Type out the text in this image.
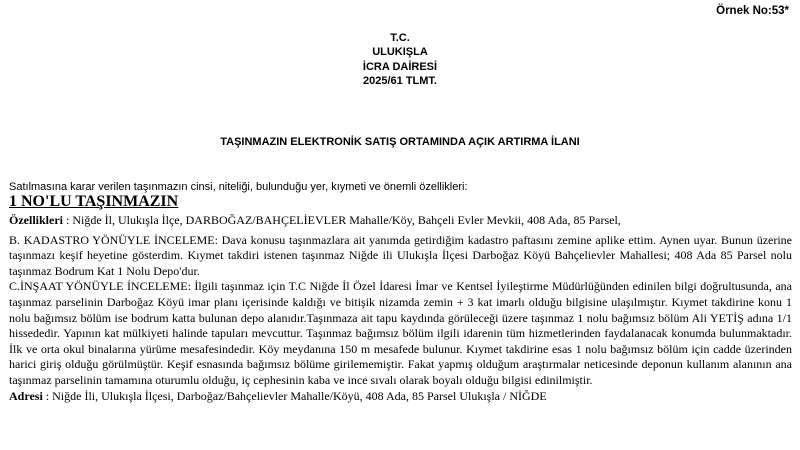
Örnek No:53*
T.C.
ULUKIŞLA
İCRA DAİRESİ
2025/61 TLMT.
TAŞINMAZIN ELEKTRONİK SATIŞ ORTAMINDA AÇIK ARTIRMA İLANI
Satılmasına karar verilen taşınmazın cinsi, niteliği, bulunduğu yer, kıymeti ve önemli özellikleri:
1 NO'LU TAŞINMAZIN

Özellikleri : Niğde İl, Ulukışla İlçe, DARBOĞAZ/BAHÇELİEVLER Mahalle/Köy, Bahçeli Evler Mevkii, 408 Ada, 85 Parsel,

B. KADASTRO YÖNÜYLE İNCELEME: Dava konusu taşınmazlara ait yanımda getirdiğim kadastro paftasını zemine aplike ettim. Aynen uyar. Bunun üzerine taşınmazı keşif heyetine gösterdim. Kıymet takdiri istenen taşınmaz Niğde ili Ulukışla İlçesi Darboğaz Köyü Bahçelievler Mahallesi; 408 Ada 85 Parsel nolu taşınmaz Bodrum Kat 1 Nolu Depo'dur.

C.İNŞAAT YÖNÜYLE İNCELEME: İlgili taşınmaz için T.C Niğde İl Özel İdaresi İmar ve Kentsel İyileştirme Müdürlüğünden edinilen bilgi doğrultusunda, ana taşınmaz parselinin Darboğaz Köyü imar planı içerisinde kaldığı ve bitişik nizamda zemin + 3 kat imarlı olduğu bilgisine ulaşılmıştır. Kıymet takdirine konu 1 nolu bağımsız bölüm ise bodrum katta bulunan depo alanıdır.Taşınmaza ait tapu kaydında görüleceği üzere taşınmaz 1 nolu bağımsız bölüm Ali YETİŞ adına 1/1 hissededir. Yapının kat mülkiyeti halinde tapuları mevcuttur. Taşınmaz bağımsız bölüm ilgili idarenin tüm hizmetlerinden faydalanacak konumda bulunmaktadır. İlk ve orta okul binalarına yürüme mesafesindedir. Köy meydanına 150 m mesafede bulunur. Kıymet takdirine esas 1 nolu bağımsız bölüm için cadde üzerinden harici giriş olduğu görülmüştür. Keşif esnasında bağımsız bölüme girilememiştir. Fakat yapmış olduğum araştırmalar neticesinde deponun kullanım alanının ana taşınmaz parselinin tamamına oturumlu olduğu, iç cephesinin kaba ve ince sıvalı olarak boyalı olduğu bilgisi edinilmiştir.

Adresi : Niğde İli, Ulukışla İlçesi, Darboğaz/Bahçelievler Mahalle/Köyü, 408 Ada, 85 Parsel Ulukışla / NİĞDE
